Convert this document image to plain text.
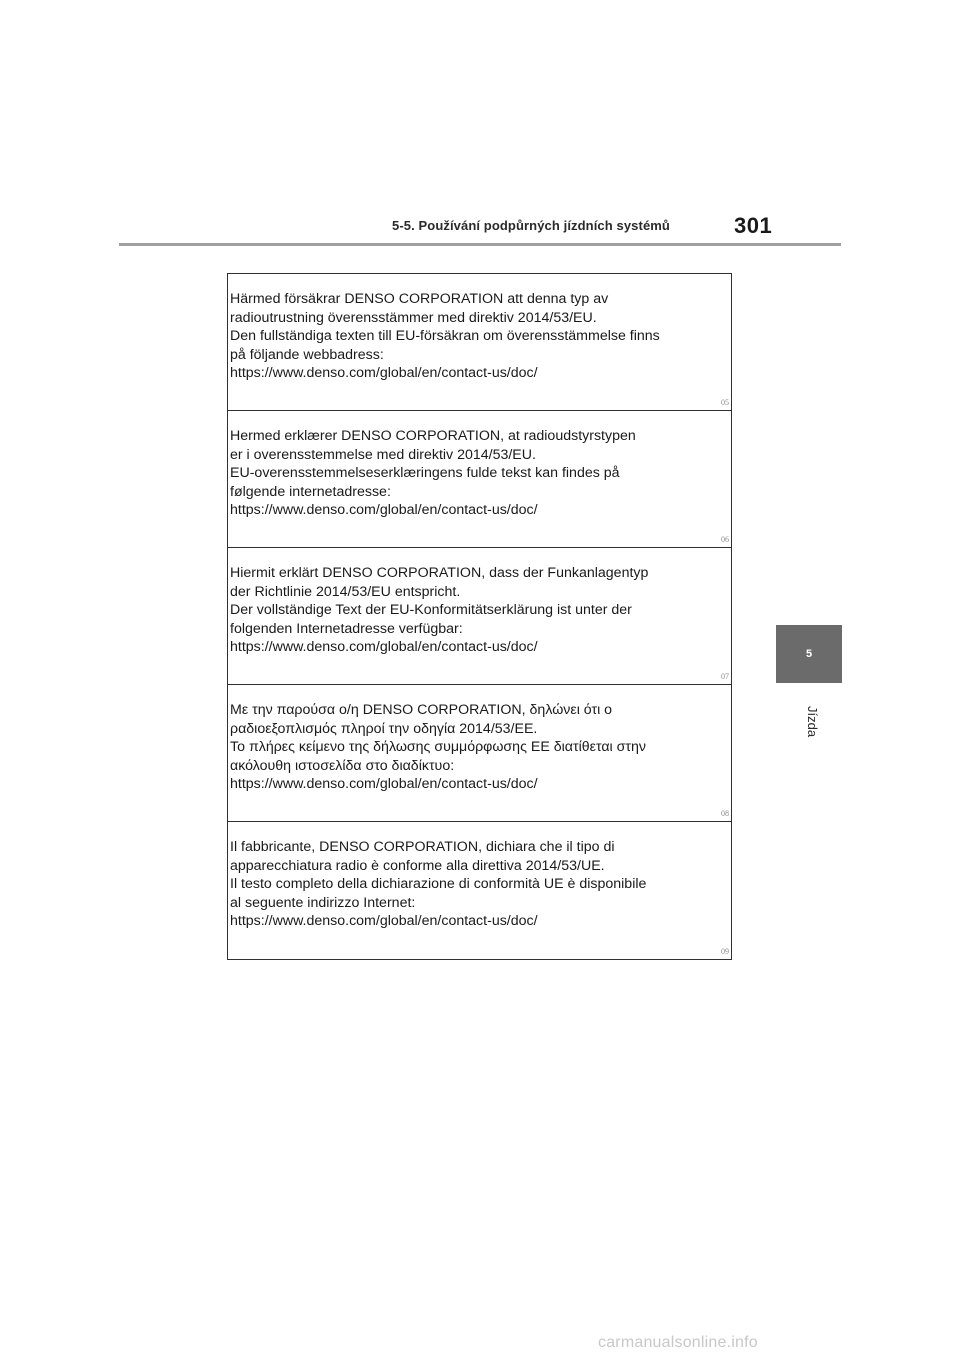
5-5. Používání podpůrných jízdních systémů	301
5
Jízda
Härmed försäkrar DENSO CORPORATION att denna typ av
radioutrustning överensstämmer med direktiv 2014/53/EU.
Den fullständiga texten till EU-försäkran om överensstämmelse finns
på följande webbadress:
https://www.denso.com/global/en/contact-us/doc/
05
Hermed erklærer DENSO CORPORATION, at radioudstyrstypen
er i overensstemmelse med direktiv 2014/53/EU.
EU-overensstemmelseserklæringens fulde tekst kan findes på
følgende internetadresse:
https://www.denso.com/global/en/contact-us/doc/
06
Hiermit erklärt DENSO CORPORATION, dass der Funkanlagentyp
der Richtlinie 2014/53/EU entspricht.
Der vollständige Text der EU-Konformitätserklärung ist unter der
folgenden Internetadresse verfügbar:
https://www.denso.com/global/en/contact-us/doc/
07
Με την παρούσα ο/η DENSO CORPORATION, δηλώνει ότι ο
ραδιοεξοπλισμός πληροί την οδηγία 2014/53/ΕΕ.
Το πλήρες κείμενο της δήλωσης συμμόρφωσης ΕΕ διατίθεται στην
ακόλουθη ιστοσελίδα στο διαδίκτυο:
https://www.denso.com/global/en/contact-us/doc/
08
Il fabbricante, DENSO CORPORATION, dichiara che il tipo di
apparecchiatura radio è conforme alla direttiva 2014/53/UE.
Il testo completo della dichiarazione di conformità UE è disponibile
al seguente indirizzo Internet:
https://www.denso.com/global/en/contact-us/doc/
09
carmanualsonline.info
